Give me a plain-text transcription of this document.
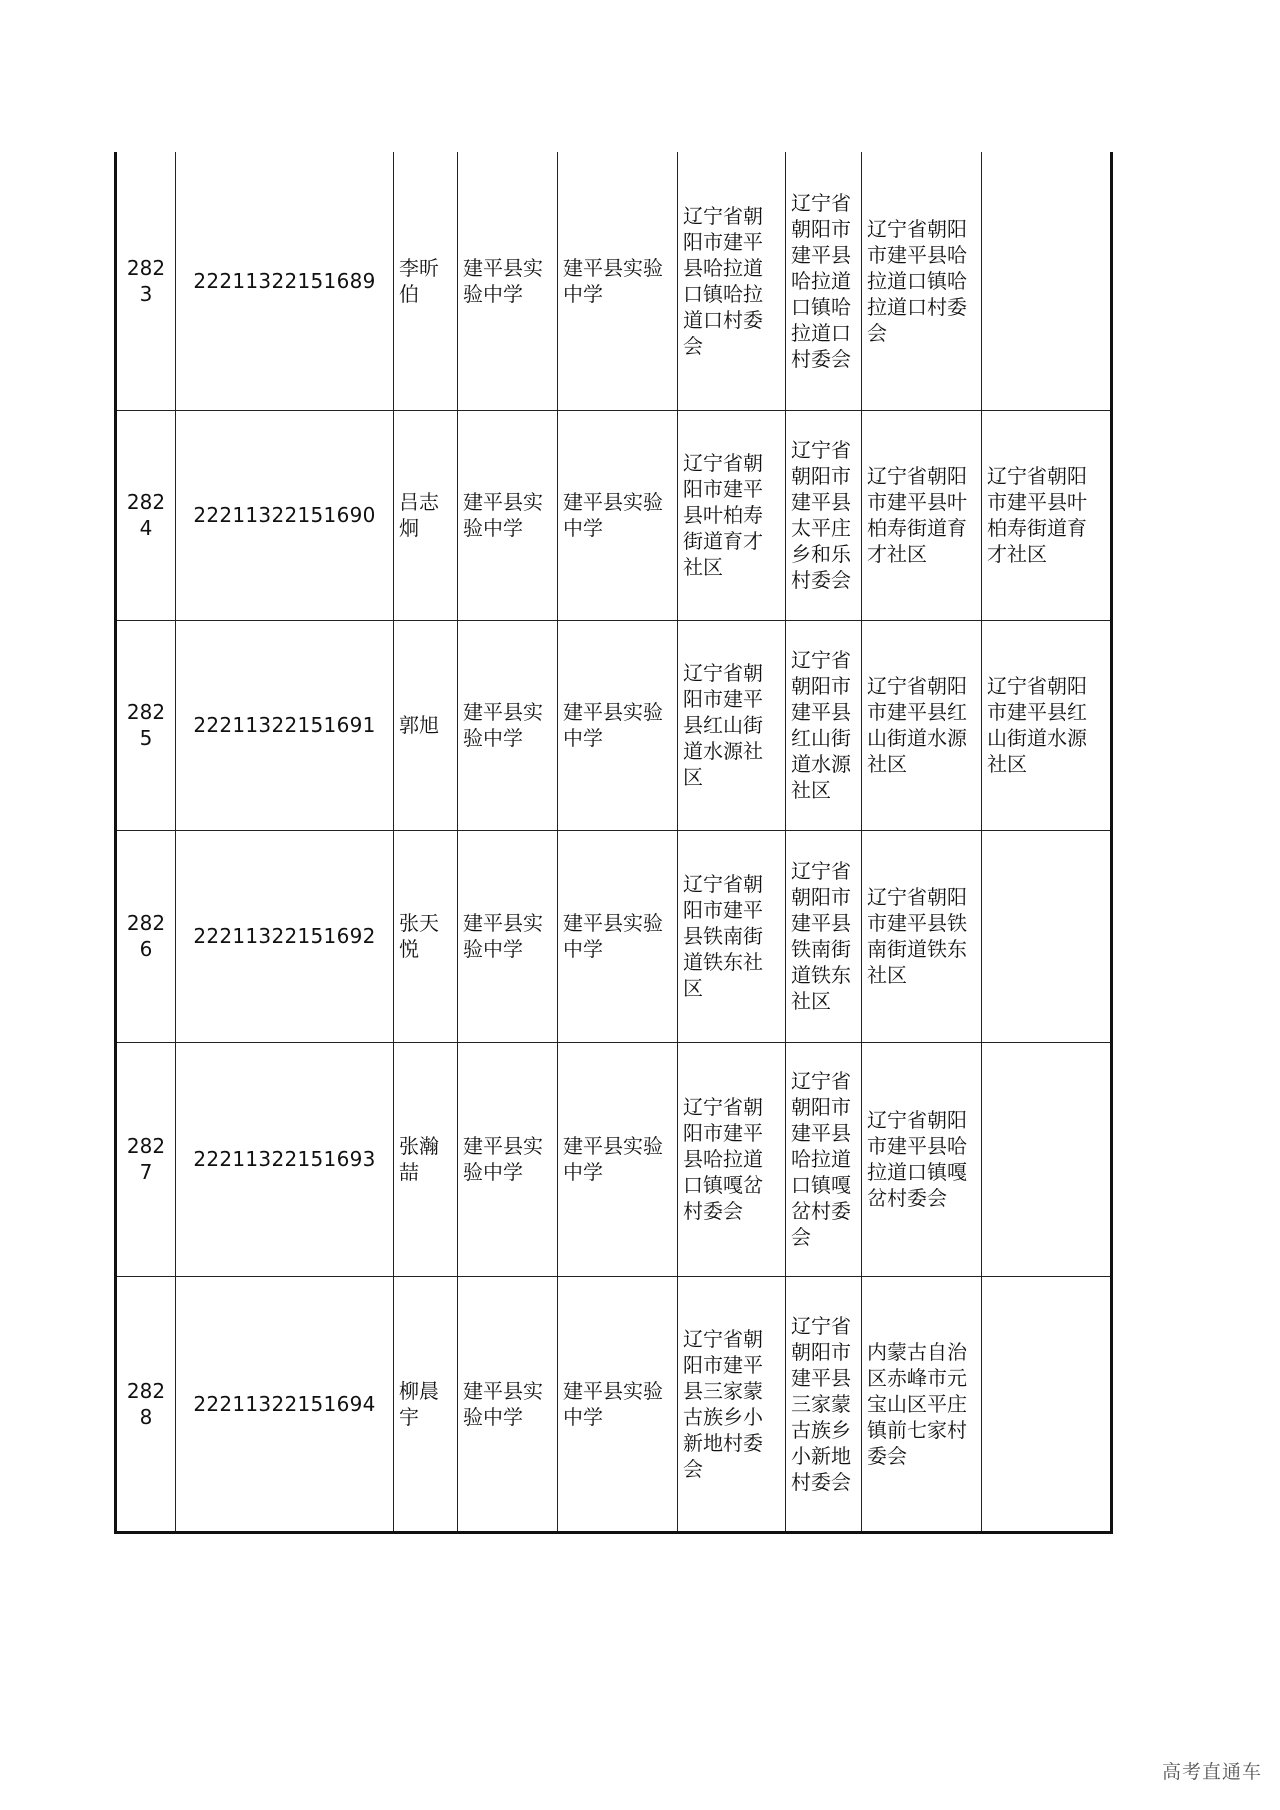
2823	22211322151689	李昕伯	建平县实验中学	建平县实验中学	辽宁省朝阳市建平县哈拉道口镇哈拉道口村委会	辽宁省朝阳市建平县哈拉道口镇哈拉道口村委会	辽宁省朝阳市建平县哈拉道口镇哈拉道口村委会	
2824	22211322151690	吕志炯	建平县实验中学	建平县实验中学	辽宁省朝阳市建平县叶柏寿街道育才社区	辽宁省朝阳市建平县太平庄乡和乐村委会	辽宁省朝阳市建平县叶柏寿街道育才社区	辽宁省朝阳市建平县叶柏寿街道育才社区
2825	22211322151691	郭旭	建平县实验中学	建平县实验中学	辽宁省朝阳市建平县红山街道水源社区	辽宁省朝阳市建平县红山街道水源社区	辽宁省朝阳市建平县红山街道水源社区	辽宁省朝阳市建平县红山街道水源社区
2826	22211322151692	张天悦	建平县实验中学	建平县实验中学	辽宁省朝阳市建平县铁南街道铁东社区	辽宁省朝阳市建平县铁南街道铁东社区	辽宁省朝阳市建平县铁南街道铁东社区	
2827	22211322151693	张瀚喆	建平县实验中学	建平县实验中学	辽宁省朝阳市建平县哈拉道口镇嘎岔村委会	辽宁省朝阳市建平县哈拉道口镇嘎岔村委会	辽宁省朝阳市建平县哈拉道口镇嘎岔村委会	
2828	22211322151694	柳晨宇	建平县实验中学	建平县实验中学	辽宁省朝阳市建平县三家蒙古族乡小新地村委会	辽宁省朝阳市建平县三家蒙古族乡小新地村委会	内蒙古自治区赤峰市元宝山区平庄镇前七家村委会	
高考直通车
